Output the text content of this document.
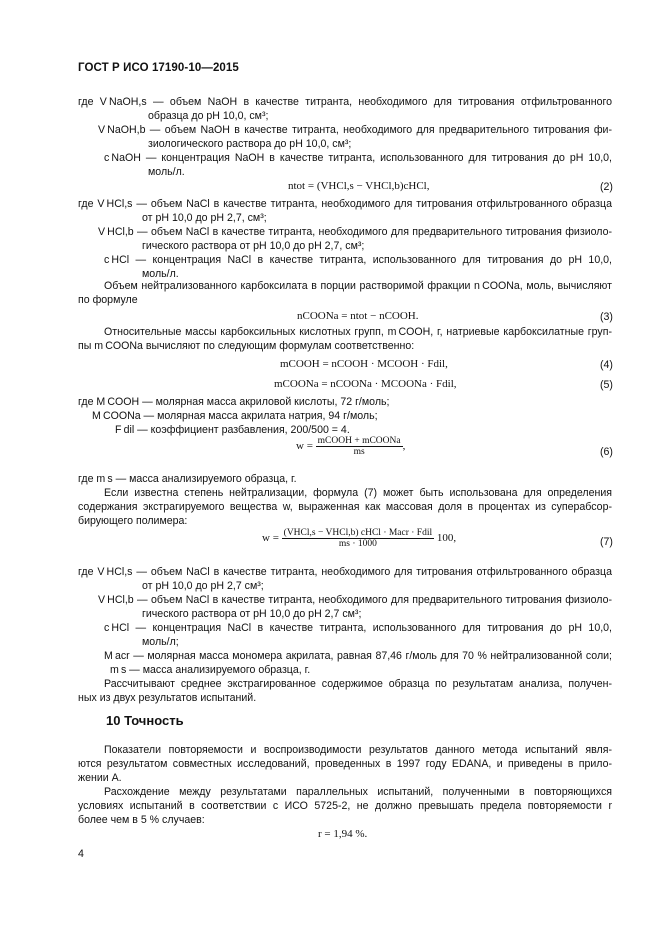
ГОСТ Р ИСО 17190-10—2015
где V NaOH,s — объем NaOH в качестве титранта, необходимого для титрования отфильтрованного
образца до pH 10,0, см³;
V NaOH,b — объем NaOH в качестве титранта, необходимого для предварительного титрования фи-
зиологического раствора до pH 10,0, см³;
c NaOH — концентрация NaOH в качестве титранта, использованного для титрования до pH 10,0,
моль/л.
ntot = (VHCl,s − VHCl,b)cHCl,	(2)
где V HCl,s — объем NaCl в качестве титранта, необходимого для титрования отфильтрованного образца
от pH 10,0 до pH 2,7, см³;
V HCl,b — объем NaCl в качестве титранта, необходимого для предварительного титрования физиоло-
гического раствора от pH 10,0 до pH 2,7, см³;
c HCl — концентрация NaCl в качестве титранта, использованного для титрования до pH 10,0,
моль/л.
Объем нейтрализованного карбоксилата в порции растворимой фракции n COONa, моль, вычисляют
по формуле
nCOONa = ntot − nCOOH.	(3)
Относительные массы карбоксильных кислотных групп, m COOH, г, натриевые карбоксилатные груп-
пы m COONa вычисляют по следующим формулам соответственно:
mCOOH = nCOOH · MCOOH · Fdil,	(4)
mCOONa = nCOONa · MCOONa · Fdil,	(5)
где M COOH — молярная масса акриловой кислоты, 72 г/моль;
M COONa — молярная масса акрилата натрия, 94 г/моль;
F dil — коэффициент разбавления, 200/500 = 4.
$w = \frac{\text{mCOOH + mCOONa}}{ms}$ ,	(6)
где m s — масса анализируемого образца, г.
Если известна степень нейтрализации, формула (7) может быть использована для определения
содержания экстрагируемого вещества w, выраженная как массовая доля в процентах из суперабсор-
бирующего полимера:
$w = \frac{\text{(VHCl,s − VHCl,b) cHCl · Macr · Fdil}}{ms \cdot 1000} 100$,	(7)
где V HCl,s — объем NaCl в качестве титранта, необходимого для титрования отфильтрованного образца
от pH 10,0 до pH 2,7 см³;
V HCl,b — объем NaCl в качестве титранта, необходимого для предварительного титрования физиоло-
гического раствора от pH 10,0 до pH 2,7 см³;
c HCl — концентрация NaCl в качестве титранта, использованного для титрования до pH 10,0,
моль/л;
M acr — молярная масса мономера акрилата, равная 87,46 г/моль для 70 % нейтрализованной соли;
m s — масса анализируемого образца, г.
Рассчитывают среднее экстрагированное содержимое образца по результатам анализа, получен-
ных из двух результатов испытаний.
10 Точность
Показатели повторяемости и воспроизводимости результатов данного метода испытаний явля-
ются результатом совместных исследований, проведенных в 1997 году EDANA, и приведены в прило-
жении А.
Расхождение между результатами параллельных испытаний, полученными в повторяющихся
условиях испытаний в соответствии с ИСО 5725-2, не должно превышать предела повторяемости r
более чем в 5 % случаев:
r = 1,94 %.
4
